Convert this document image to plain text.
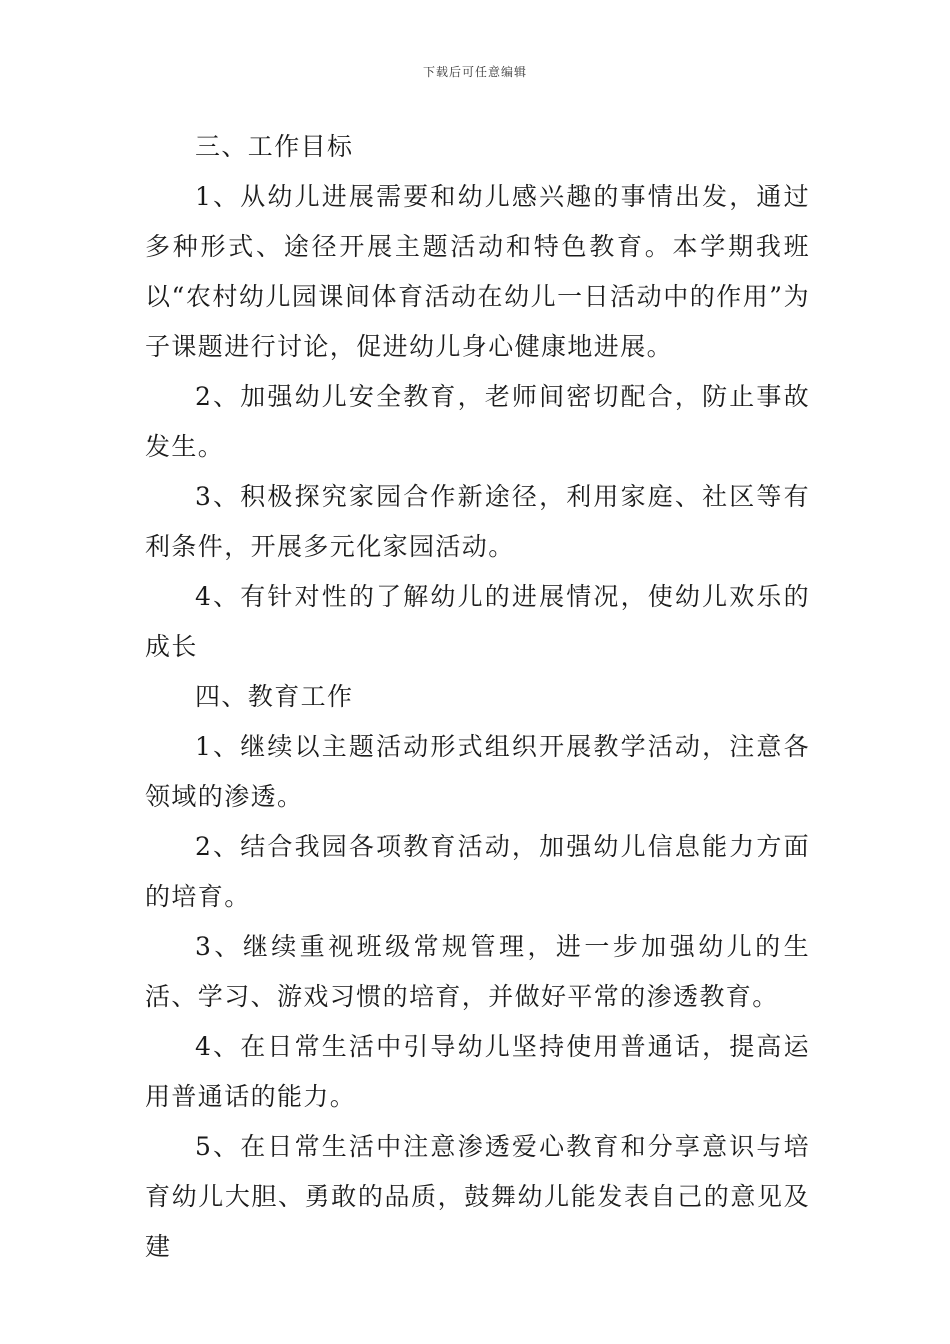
下载后可任意编辑

三、工作目标

1、从幼儿进展需要和幼儿感兴趣的事情出发，通过多种形式、途径开展主题活动和特色教育。本学期我班以“农村幼儿园课间体育活动在幼儿一日活动中的作用”为子课题进行讨论，促进幼儿身心健康地进展。

2、加强幼儿安全教育，老师间密切配合，防止事故发生。

3、积极探究家园合作新途径，利用家庭、社区等有利条件，开展多元化家园活动。

4、有针对性的了解幼儿的进展情况，使幼儿欢乐的成长

四、教育工作

1、继续以主题活动形式组织开展教学活动，注意各领域的渗透。

2、结合我园各项教育活动，加强幼儿信息能力方面的培育。

3、继续重视班级常规管理，进一步加强幼儿的生活、学习、游戏习惯的培育，并做好平常的渗透教育。

4、在日常生活中引导幼儿坚持使用普通话，提高运用普通话的能力。

5、在日常生活中注意渗透爱心教育和分享意识与培育幼儿大胆、勇敢的品质，鼓舞幼儿能发表自己的意见及建
